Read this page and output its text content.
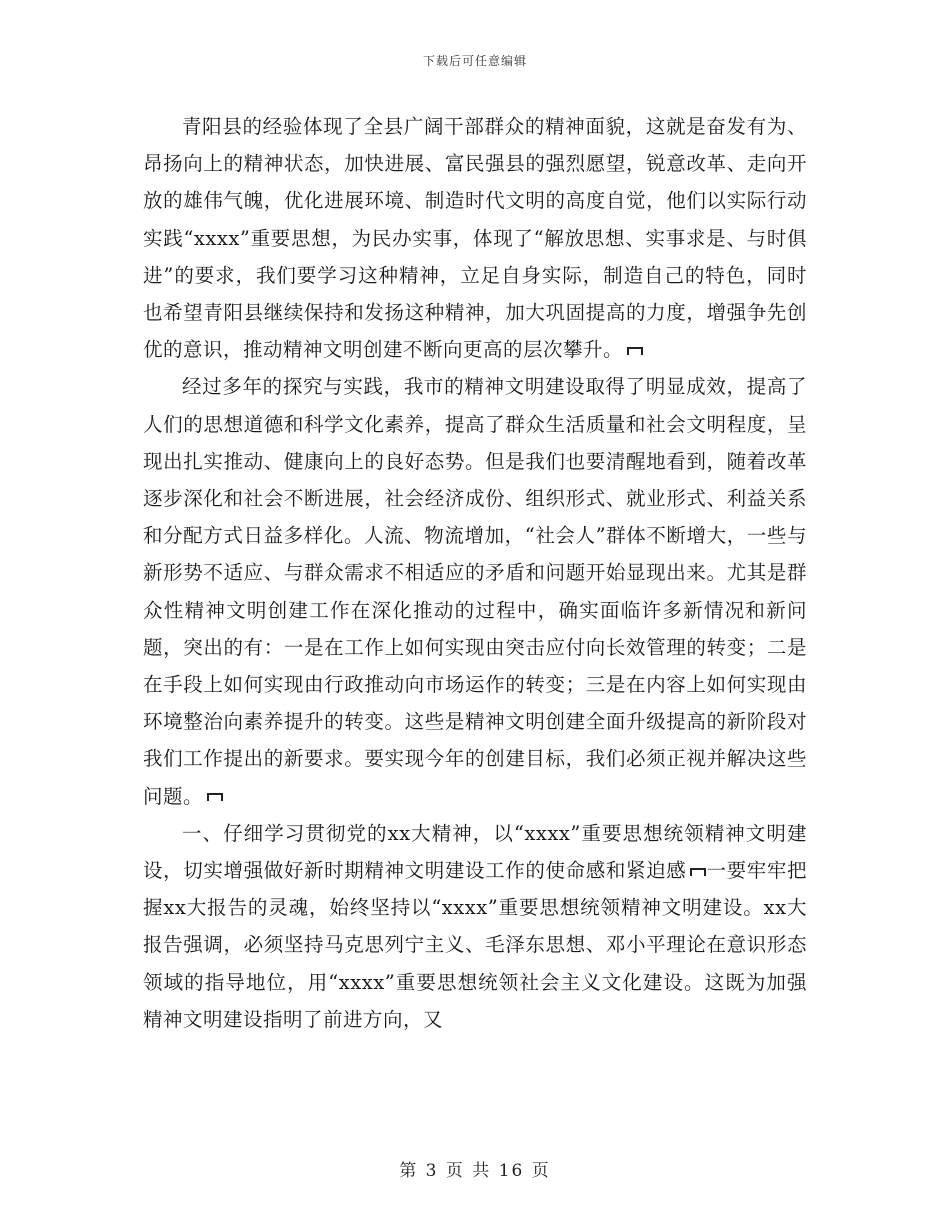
下载后可任意编辑

青阳县的经验体现了全县广阔干部群众的精神面貌，这就是奋发有为、昂扬向上的精神状态，加快进展、富民强县的强烈愿望，锐意改革、走向开放的雄伟气魄，优化进展环境、制造时代文明的高度自觉，他们以实际行动实践“xxxx”重要思想，为民办实事，体现了“解放思想、实事求是、与时俱进”的要求，我们要学习这种精神，立足自身实际，制造自己的特色，同时也希望青阳县继续保持和发扬这种精神，加大巩固提高的力度，增强争先创优的意识，推动精神文明创建不断向更高的层次攀升。

经过多年的探究与实践，我市的精神文明建设取得了明显成效，提高了人们的思想道德和科学文化素养，提高了群众生活质量和社会文明程度，呈现出扎实推动、健康向上的良好态势。但是我们也要清醒地看到，随着改革逐步深化和社会不断进展，社会经济成份、组织形式、就业形式、利益关系和分配方式日益多样化。人流、物流增加，“社会人”群体不断增大，一些与新形势不适应、与群众需求不相适应的矛盾和问题开始显现出来。尤其是群众性精神文明创建工作在深化推动的过程中，确实面临许多新情况和新问题，突出的有：一是在工作上如何实现由突击应付向长效管理的转变；二是在手段上如何实现由行政推动向市场运作的转变；三是在内容上如何实现由环境整治向素养提升的转变。这些是精神文明创建全面升级提高的新阶段对我们工作提出的新要求。要实现今年的创建目标，我们必须正视并解决这些问题。

一、仔细学习贯彻党的xx大精神，以“xxxx”重要思想统领精神文明建设，切实增强做好新时期精神文明建设工作的使命感和紧迫感 一要牢牢把握xx大报告的灵魂，始终坚持以“xxxx”重要思想统领精神文明建设。xx大报告强调，必须坚持马克思列宁主义、毛泽东思想、邓小平理论在意识形态领域的指导地位，用“xxxx”重要思想统领社会主义文化建设。这既为加强精神文明建设指明了前进方向，又

第 3 页 共 16 页
